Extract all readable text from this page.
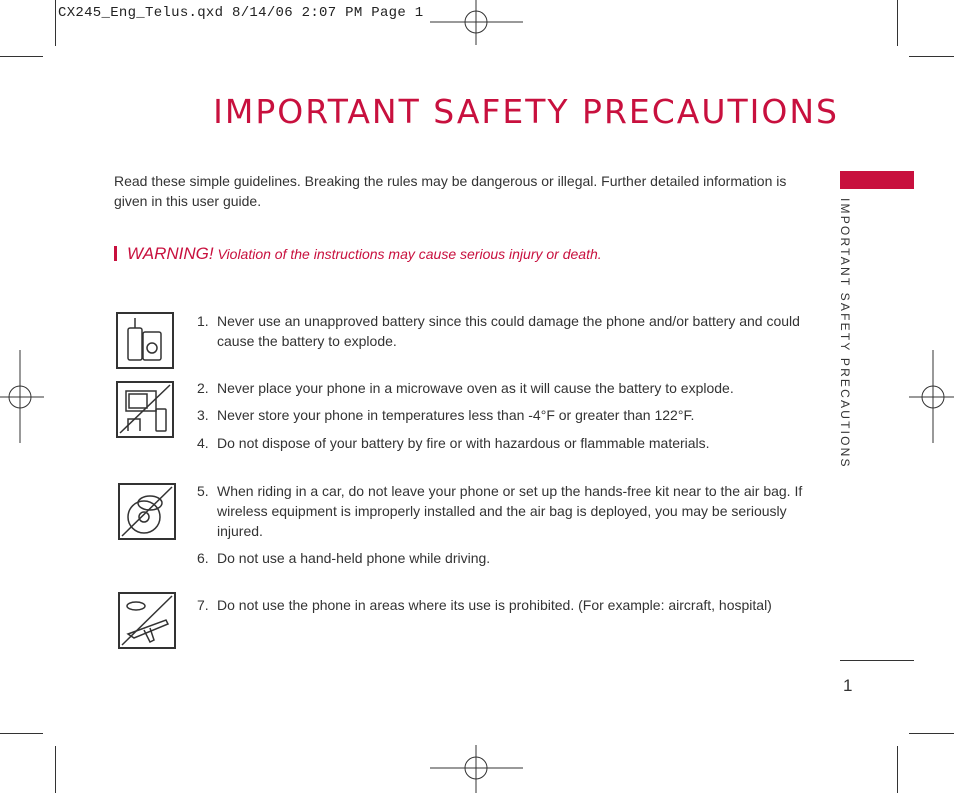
CX245_Eng_Telus.qxd 8/14/06 2:07 PM Page 1
IMPORTANT SAFETY PRECAUTIONS
Read these simple guidelines. Breaking the rules may be dangerous or illegal. Further detailed information is given in this user guide.
WARNING! Violation of the instructions may cause serious injury or death.
1. Never use an unapproved battery since this could damage the phone and/or battery and could cause the battery to explode.
2. Never place your phone in a microwave oven as it will cause the battery to explode.
3. Never store your phone in temperatures less than -4°F or greater than 122°F.
4. Do not dispose of your battery by fire or with hazardous or flammable materials.
5. When riding in a car, do not leave your phone or set up the hands-free kit near to the air bag. If wireless equipment is improperly installed and the air bag is deployed, you may be seriously injured.
6. Do not use a hand-held phone while driving.
7. Do not use the phone in areas where its use is prohibited. (For example: aircraft, hospital)
IMPORTANT SAFETY PRECAUTIONS
1
